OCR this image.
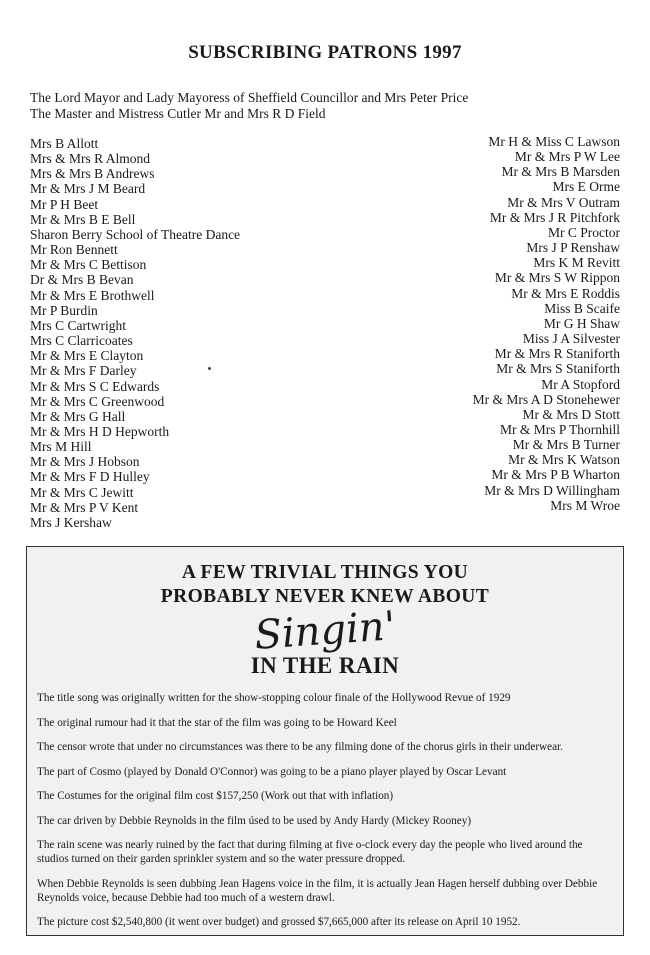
SUBSCRIBING PATRONS 1997
The Lord Mayor and Lady Mayoress of Sheffield Councillor and Mrs Peter Price
The Master and Mistress Cutler Mr and Mrs R D Field
Mrs B Allott
Mrs & Mrs R Almond
Mrs & Mrs B Andrews
Mr & Mrs J M Beard
Mr P H Beet
Mr & Mrs B E Bell
Sharon Berry School of Theatre Dance
Mr Ron Bennett
Mr & Mrs C Bettison
Dr & Mrs B Bevan
Mr & Mrs E Brothwell
Mr P Burdin
Mrs C Cartwright
Mrs C Clarricoates
Mr & Mrs E Clayton
Mr & Mrs F Darley
Mr & Mrs S C Edwards
Mr & Mrs C Greenwood
Mr & Mrs G Hall
Mr & Mrs H D Hepworth
Mrs M Hill
Mr & Mrs J Hobson
Mr & Mrs F D Hulley
Mr & Mrs C Jewitt
Mr & Mrs P V Kent
Mrs J Kershaw
Mr H & Miss C Lawson
Mr & Mrs P W Lee
Mr & Mrs B Marsden
Mrs E Orme
Mr & Mrs V Outram
Mr & Mrs J R Pitchfork
Mr C Proctor
Mrs J P Renshaw
Mrs K M Revitt
Mr & Mrs S W Rippon
Mr & Mrs E Roddis
Miss B Scaife
Mr G H Shaw
Miss J A Silvester
Mr & Mrs R Staniforth
Mr & Mrs S Staniforth
Mr A Stopford
Mr & Mrs A D Stonehewer
Mr & Mrs D Stott
Mr & Mrs P Thornhill
Mr & Mrs B Turner
Mr & Mrs K Watson
Mr & Mrs P B Wharton
Mr & Mrs D Willingham
Mrs M Wroe
A FEW TRIVIAL THINGS YOU
PROBABLY NEVER KNEW ABOUT
Singin'
IN THE RAIN
The title song was originally written for the show-stopping colour finale of the Hollywood Revue of 1929
The original rumour had it that the star of the film was going to be Howard Keel
The censor wrote that under no circumstances was there to be any filming done of the chorus girls in their underwear.
The part of Cosmo (played by Donald O'Connor) was going to be a piano player played by Oscar Levant
The Costumes for the original film cost $157,250 (Work out that with inflation)
The car driven by Debbie Reynolds in the film úsed to be used by Andy Hardy (Mickey Rooney)
The rain scene was nearly ruined by the fact that during filming at five o-clock every day the people who lived around the studios turned on their garden sprinkler system and so the water pressure dropped.
When Debbie Reynolds is seen dubbing Jean Hagens voice in the film, it is actually Jean Hagen herself dubbing over Debbie Reynolds voice, because Debbie had too much of a western drawl.
The picture cost $2,540,800 (it went over budget) and grossed $7,665,000 after its release on April 10 1952.
